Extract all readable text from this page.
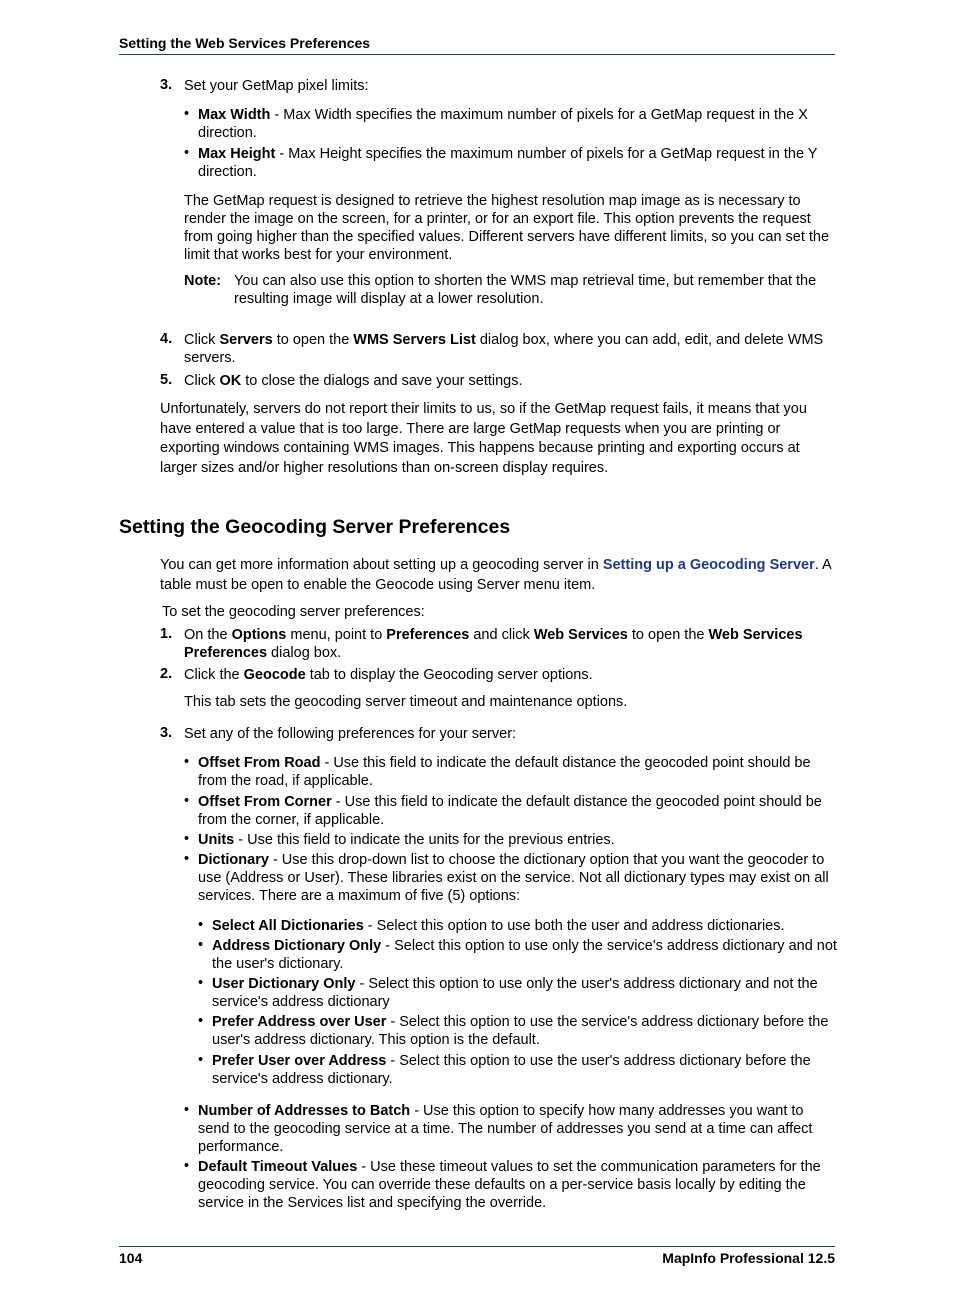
Setting the Web Services Preferences
3. Set your GetMap pixel limits:
• Max Width - Max Width specifies the maximum number of pixels for a GetMap request in the X direction.
• Max Height - Max Height specifies the maximum number of pixels for a GetMap request in the Y direction.
The GetMap request is designed to retrieve the highest resolution map image as is necessary to render the image on the screen, for a printer, or for an export file. This option prevents the request from going higher than the specified values. Different servers have different limits, so you can set the limit that works best for your environment.
Note: You can also use this option to shorten the WMS map retrieval time, but remember that the resulting image will display at a lower resolution.
4. Click Servers to open the WMS Servers List dialog box, where you can add, edit, and delete WMS servers.
5. Click OK to close the dialogs and save your settings.
Unfortunately, servers do not report their limits to us, so if the GetMap request fails, it means that you have entered a value that is too large. There are large GetMap requests when you are printing or exporting windows containing WMS images. This happens because printing and exporting occurs at larger sizes and/or higher resolutions than on-screen display requires.
Setting the Geocoding Server Preferences
You can get more information about setting up a geocoding server in Setting up a Geocoding Server. A table must be open to enable the Geocode using Server menu item.
To set the geocoding server preferences:
1. On the Options menu, point to Preferences and click Web Services to open the Web Services Preferences dialog box.
2. Click the Geocode tab to display the Geocoding server options.
This tab sets the geocoding server timeout and maintenance options.
3. Set any of the following preferences for your server:
• Offset From Road - Use this field to indicate the default distance the geocoded point should be from the road, if applicable.
• Offset From Corner - Use this field to indicate the default distance the geocoded point should be from the corner, if applicable.
• Units - Use this field to indicate the units for the previous entries.
• Dictionary - Use this drop-down list to choose the dictionary option that you want the geocoder to use (Address or User). These libraries exist on the service. Not all dictionary types may exist on all services. There are a maximum of five (5) options:
• Select All Dictionaries - Select this option to use both the user and address dictionaries.
• Address Dictionary Only - Select this option to use only the service's address dictionary and not the user's dictionary.
• User Dictionary Only - Select this option to use only the user's address dictionary and not the service's address dictionary
• Prefer Address over User - Select this option to use the service's address dictionary before the user's address dictionary. This option is the default.
• Prefer User over Address - Select this option to use the user's address dictionary before the service's address dictionary.
• Number of Addresses to Batch - Use this option to specify how many addresses you want to send to the geocoding service at a time. The number of addresses you send at a time can affect performance.
• Default Timeout Values - Use these timeout values to set the communication parameters for the geocoding service. You can override these defaults on a per-service basis locally by editing the service in the Services list and specifying the override.
104	MapInfo Professional 12.5
